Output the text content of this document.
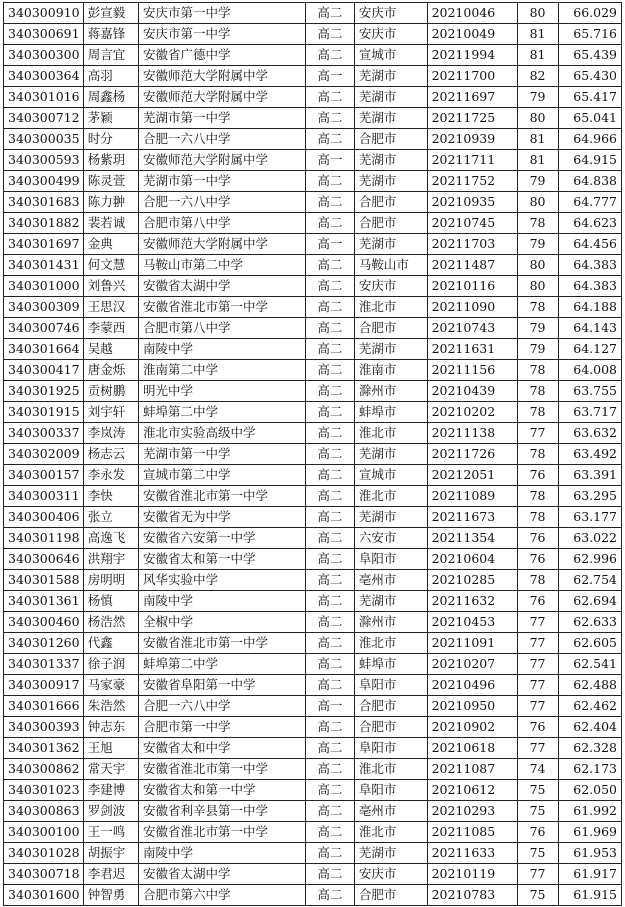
340300910	彭宣毅	安庆市第一中学	高二	安庆市	20210046	80	66.029
340300691	蒋嘉锋	安庆市第一中学	高二	安庆市	20210049	81	65.716
340300300	周言宜	安徽省广德中学	高二	宣城市	20211994	81	65.439
340300364	高羽	安徽师范大学附属中学	高一	芜湖市	20211700	82	65.430
340301016	周鑫杨	安徽师范大学附属中学	高二	芜湖市	20211697	79	65.417
340300712	茅颖	芜湖市第一中学	高二	芜湖市	20211725	80	65.041
340300035	时分	合肥一六八中学	高二	合肥市	20210939	81	64.966
340300593	杨紫玥	安徽师范大学附属中学	高一	芜湖市	20211711	81	64.915
340300499	陈灵萱	芜湖市第一中学	高二	芜湖市	20211752	79	64.838
340301683	陈力翀	合肥一六八中学	高二	合肥市	20210935	80	64.777
340301882	裴若诚	合肥市第八中学	高二	合肥市	20210745	78	64.623
340301697	金典	安徽师范大学附属中学	高一	芜湖市	20211703	79	64.456
340301431	何文慧	马鞍山市第二中学	高二	马鞍山市	20211487	80	64.383
340301000	刘鲁兴	安徽省太湖中学	高二	安庆市	20210116	80	64.383
340300309	王思汉	安徽省淮北市第一中学	高二	淮北市	20211090	78	64.188
340300746	李蒙西	合肥市第八中学	高二	合肥市	20210743	79	64.143
340301664	吴越	南陵中学	高二	芜湖市	20211631	79	64.127
340300417	唐金烁	淮南第二中学	高二	淮南市	20211156	78	64.008
340301925	贡树鹏	明光中学	高二	滁州市	20210439	78	63.755
340301915	刘宇轩	蚌埠第二中学	高二	蚌埠市	20210202	78	63.717
340300337	李岚涛	淮北市实验高级中学	高二	淮北市	20211138	77	63.632
340302009	杨志云	芜湖市第一中学	高二	芜湖市	20211726	78	63.492
340300157	李永发	宣城市第二中学	高二	宣城市	20212051	76	63.391
340300311	李快	安徽省淮北市第一中学	高二	淮北市	20211089	78	63.295
340300406	张立	安徽省无为中学	高二	芜湖市	20211673	78	63.177
340301198	高逸飞	安徽省六安第一中学	高二	六安市	20211354	76	63.022
340300646	洪翔宇	安徽省太和第一中学	高二	阜阳市	20210604	76	62.996
340301588	房明明	风华实验中学	高二	亳州市	20210285	78	62.754
340301361	杨慎	南陵中学	高二	芜湖市	20211632	76	62.694
340300460	杨浩然	全椒中学	高二	滁州市	20210453	77	62.633
340301260	代鑫	安徽省淮北市第一中学	高二	淮北市	20211091	77	62.605
340301337	徐子润	蚌埠第二中学	高二	蚌埠市	20210207	77	62.541
340300917	马家豪	安徽省阜阳第一中学	高二	阜阳市	20210496	77	62.488
340301666	朱浩然	合肥一六八中学	高一	合肥市	20210950	77	62.462
340300393	钟志东	合肥市第一中学	高二	合肥市	20210902	76	62.404
340301362	王旭	安徽省太和中学	高二	阜阳市	20210618	77	62.328
340300862	常天宇	安徽省淮北市第一中学	高二	淮北市	20211087	74	62.173
340301023	李建博	安徽省太和第一中学	高二	阜阳市	20210612	75	62.050
340300863	罗剑波	安徽省利辛县第一中学	高二	亳州市	20210293	75	61.992
340300100	王一鸣	安徽省淮北市第一中学	高二	淮北市	20211085	76	61.969
340301028	胡振宇	南陵中学	高二	芜湖市	20211633	75	61.953
340300718	李君迟	安徽省太湖中学	高二	安庆市	20210119	77	61.917
340301600	钟智勇	合肥市第六中学	高二	合肥市	20210783	75	61.915
